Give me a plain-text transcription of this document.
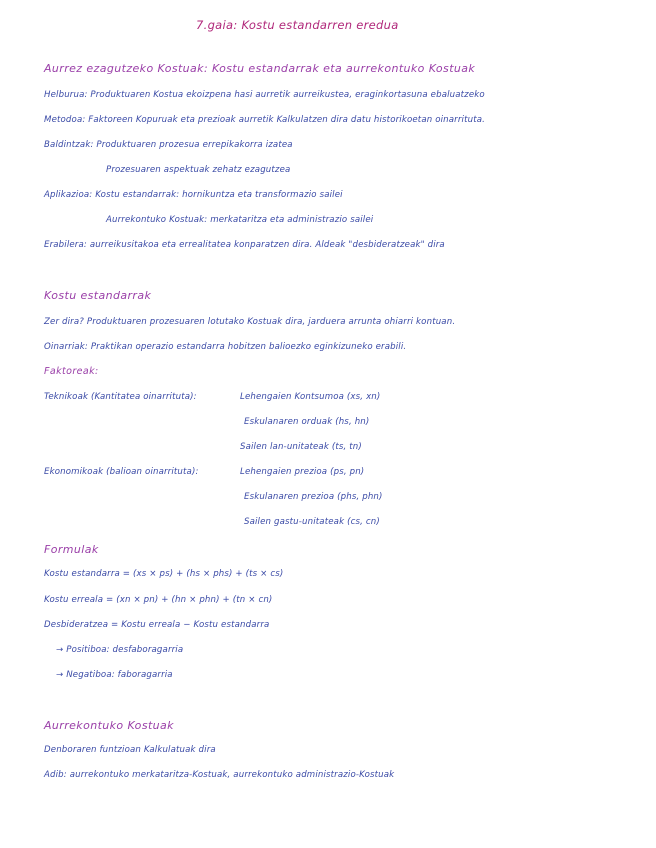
7.gaia: Kostu estandarren eredua
Aurrez ezagutzeko Kostuak: Kostu estandarrak eta aurrekontuko Kostuak
Helburua: Produktuaren Kostua ekoizpena hasi aurretik aurreikustea, eraginkortasuna ebaluatzeko
Metodoa: Faktoreen Kopuruak eta prezioak aurretik Kalkulatzen dira datu historikoetan oinarrituta.
Baldintzak: Produktuaren prozesua errepikakorra izatea
Prozesuaren aspektuak zehatz ezagutzea
Aplikazioa: Kostu estandarrak: hornikuntza eta transformazio sailei
Aurrekontuko Kostuak: merkataritza eta administrazio sailei
Erabilera: aurreikusitakoa eta errealitatea konparatzen dira. Aldeak "desbideratzeak" dira
Kostu estandarrak
Zer dira? Produktuaren prozesuaren lotutako Kostuak dira, jarduera arrunta ohiarri kontuan.
Oinarriak: Praktikan operazio estandarra hobitzen balioezko eginkizuneko erabili.
Faktoreak:
Teknikoak (Kantitatea oinarrituta):	Lehengaien Kontsumoa (xs, xn)
Eskulanaren orduak (hs, hn)
Sailen lan-unitateak (ts, tn)
Ekonomikoak (balioan oinarrituta):	Lehengaien prezioa (ps, pn)
Eskulanaren prezioa (phs, phn)
Sailen gastu-unitateak (cs, cn)
Formulak
Kostu estandarra = (xs × ps) + (hs × phs) + (ts × cs)
Kostu erreala = (xn × pn) + (hn × phn) + (tn × cn)
Desbideratzea = Kostu erreala − Kostu estandarra
→ Positiboa: desfaboragarria
→ Negatiboa: faboragarria
Aurrekontuko Kostuak
Denboraren funtzioan Kalkulatuak dira
Adib: aurrekontuko merkataritza-Kostuak, aurrekontuko administrazio-Kostuak
